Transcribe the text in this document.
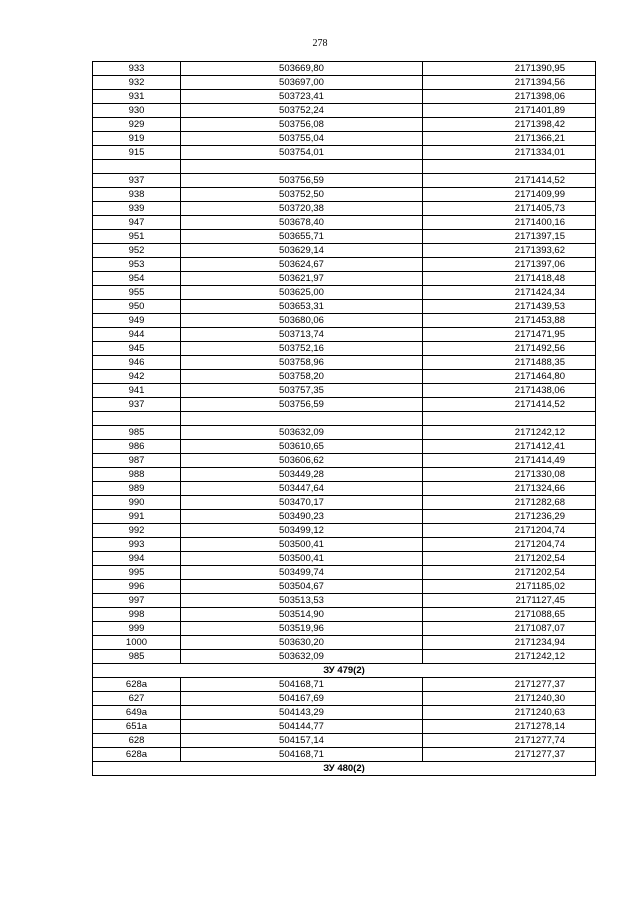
278
933	503669,80	2171390,95
932	503697,00	2171394,56
931	503723,41	2171398,06
930	503752,24	2171401,89
929	503756,08	2171398,42
919	503755,04	2171366,21
915	503754,01	2171334,01

937	503756,59	2171414,52
938	503752,50	2171409,99
939	503720,38	2171405,73
947	503678,40	2171400,16
951	503655,71	2171397,15
952	503629,14	2171393,62
953	503624,67	2171397,06
954	503621,97	2171418,48
955	503625,00	2171424,34
950	503653,31	2171439,53
949	503680,06	2171453,88
944	503713,74	2171471,95
945	503752,16	2171492,56
946	503758,96	2171488,35
942	503758,20	2171464,80
941	503757,35	2171438,06
937	503756,59	2171414,52

985	503632,09	2171242,12
986	503610,65	2171412,41
987	503606,62	2171414,49
988	503449,28	2171330,08
989	503447,64	2171324,66
990	503470,17	2171282,68
991	503490,23	2171236,29
992	503499,12	2171204,74
993	503500,41	2171204,74
994	503500,41	2171202,54
995	503499,74	2171202,54
996	503504,67	2171185,02
997	503513,53	2171127,45
998	503514,90	2171088,65
999	503519,96	2171087,07
1000	503630,20	2171234,94
985	503632,09	2171242,12
ЗУ 479(2)		
628а	504168,71	2171277,37
627	504167,69	2171240,30
649а	504143,29	2171240,63
651а	504144,77	2171278,14
628	504157,14	2171277,74
628а	504168,71	2171277,37
ЗУ 480(2)		
